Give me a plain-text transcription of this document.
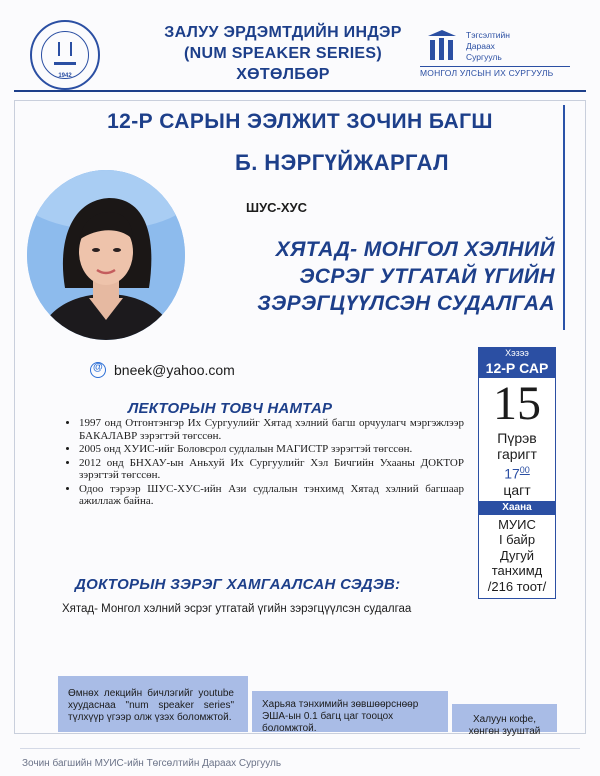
1942
ЗАЛУУ ЭРДЭМТДИЙН ИНДЭР
(NUM SPEAKER SERIES)
ХӨТӨЛБӨР
Тэгсэлтийн
Дараах
Сургууль
МОНГОЛ УЛСЫН ИХ СУРГУУЛЬ
12-Р САРЫН ЭЭЛЖИТ ЗОЧИН БАГШ
Б. НЭРГҮЙЖАРГАЛ
ШУС-ХУС
ХЯТАД- МОНГОЛ ХЭЛНИЙ
ЭСРЭГ УТГАТАЙ ҮГИЙН
ЗЭРЭГЦҮҮЛСЭН СУДАЛГАА
@
bneek@yahoo.com
ЛЕКТОРЫН ТОВЧ НАМТАР
• 1997 онд Отгонтэнгэр Их Сургуулийг Хятад хэлний багш орчуулагч мэргэжлээр БАКАЛАВР зэрэгтэй төгссөн.
• 2005 онд ХУИС-ийг Боловсрол судлалын МАГИСТР зэрэгтэй төгссөн.
• 2012 онд БНХАУ-ын Аньхуй Их Сургуулийг Хэл Бичгийн Ухааны ДОКТОР зэрэгтэй төгссөн.
• Одоо тэрээр ШУС-ХУС-ийн Ази судлалын тэнхимд Хятад хэлний багшаар ажиллаж байна.
ДОКТОРЫН ЗЭРЭГ ХАМГААЛСАН СЭДЭВ:
Хятад- Монгол хэлний эсрэг утгатай үгийн зэрэгцүүлсэн судалгаа
Хэзээ
12-Р САР
15
Пүрэв
гаригт
$17^{00}$
цагт
Хаана
МУИС
I байр
Дугуй
танхимд
/216 тоот/
Өмнөх лекцийн бичлэгийг youtube хуудаснаа "num speaker series" түлхүүр үгээр олж үзэх боломжтой.
Харьяа тэнхимийн зөвшөөрснөөр ЭША-ын 0.1 багц цаг тооцох боломжтой.
Халуун кофе, хөнгөн зууштай
Зочин багшийн МУИС-ийн Төгсөлтийн Дараах Сургууль
